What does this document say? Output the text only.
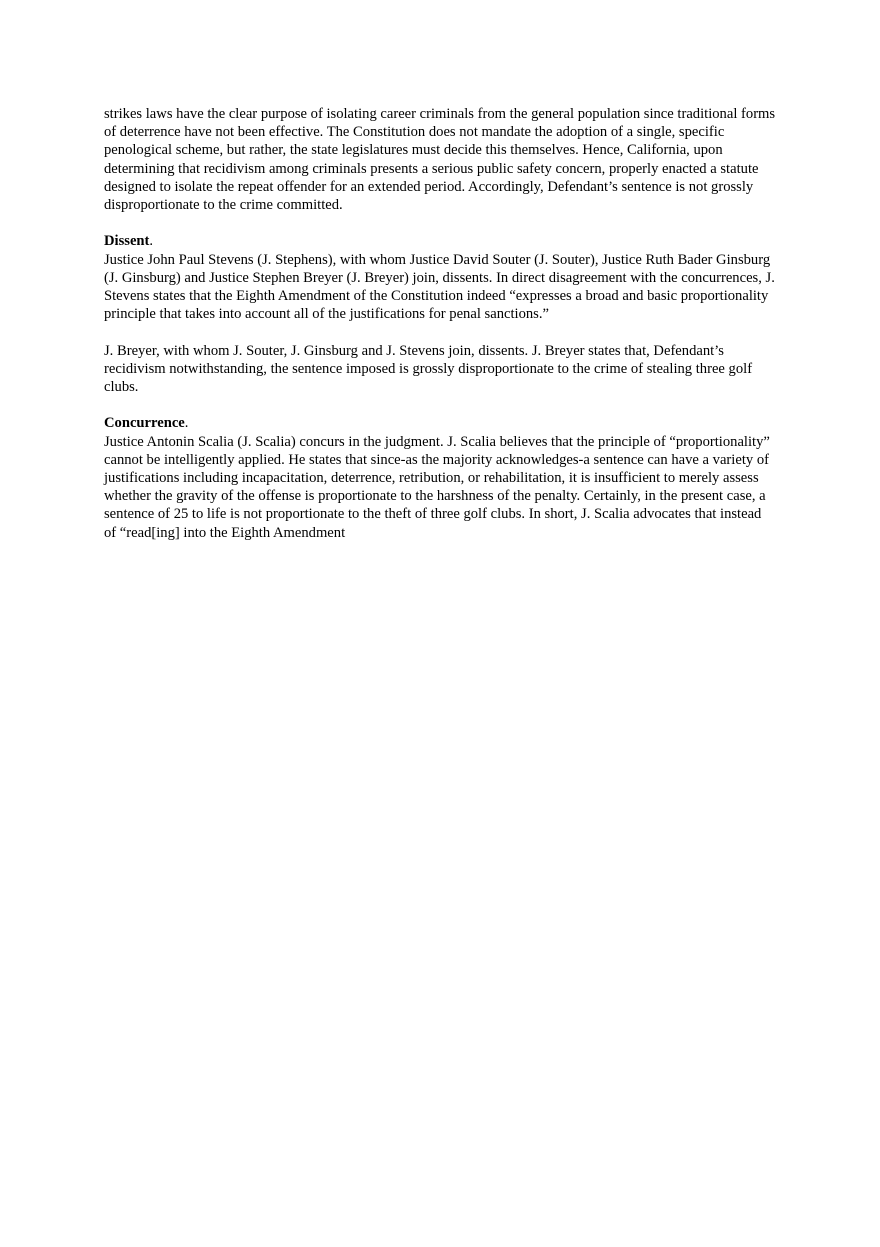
strikes laws have the clear purpose of isolating career criminals from the general population since traditional forms of deterrence have not been effective. The Constitution does not mandate the adoption of a single, specific penological scheme, but rather, the state legislatures must decide this themselves. Hence, California, upon determining that recidivism among criminals presents a serious public safety concern, properly enacted a statute designed to isolate the repeat offender for an extended period. Accordingly, Defendant’s sentence is not grossly disproportionate to the crime committed.

Dissent.

Justice John Paul Stevens (J. Stephens), with whom Justice David Souter (J. Souter), Justice Ruth Bader Ginsburg (J. Ginsburg) and Justice Stephen Breyer (J. Breyer) join, dissents. In direct disagreement with the concurrences, J. Stevens states that the Eighth Amendment of the Constitution indeed “expresses a broad and basic proportionality principle that takes into account all of the justifications for penal sanctions.”

J. Breyer, with whom J. Souter, J. Ginsburg and J. Stevens join, dissents. J. Breyer states that, Defendant’s recidivism notwithstanding, the sentence imposed is grossly disproportionate to the crime of stealing three golf clubs.

Concurrence.

Justice Antonin Scalia (J. Scalia) concurs in the judgment. J. Scalia believes that the principle of “proportionality” cannot be intelligently applied. He states that since-as the majority acknowledges-a sentence can have a variety of justifications including incapacitation, deterrence, retribution, or rehabilitation, it is insufficient to merely assess whether the gravity of the offense is proportionate to the harshness of the penalty. Certainly, in the present case, a sentence of 25 to life is not proportionate to the theft of three golf clubs. In short, J. Scalia advocates that instead of “read[ing] into the Eighth Amendment
